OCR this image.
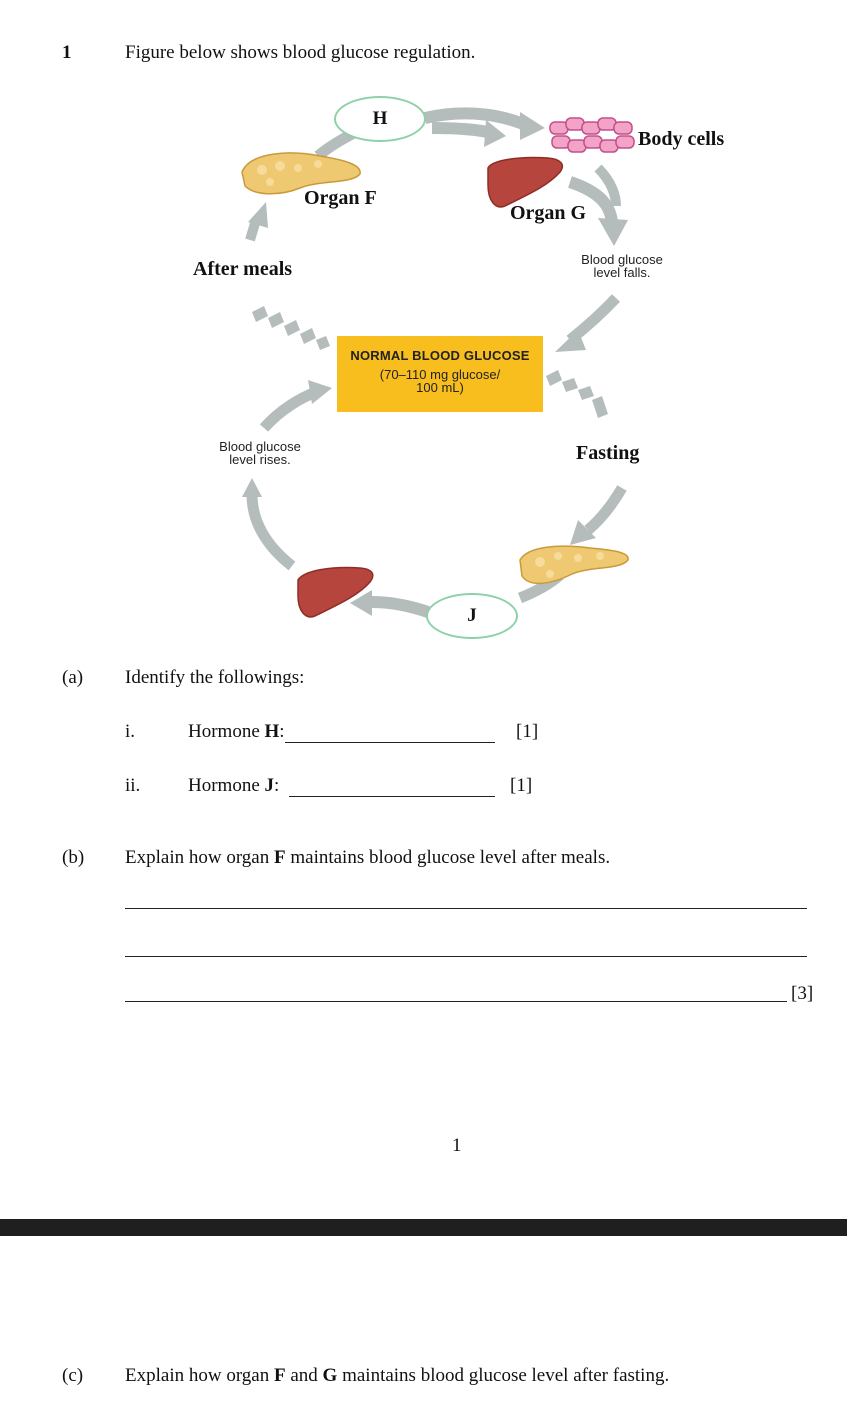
1	Figure below shows blood glucose regulation.
H
J
Body cells
Organ F
Organ G
After meals
Fasting
Blood glucose
level falls.
Blood glucose
level rises.
NORMAL BLOOD GLUCOSE
(70–110 mg glucose/
100 mL)
(a) Identify the followings:
i.	Hormone H:	[1]
ii.	Hormone J:	[1]
(b) Explain how organ F maintains blood glucose level after meals.
[3]
1
(c) Explain how organ F and G maintains blood glucose level after fasting.
